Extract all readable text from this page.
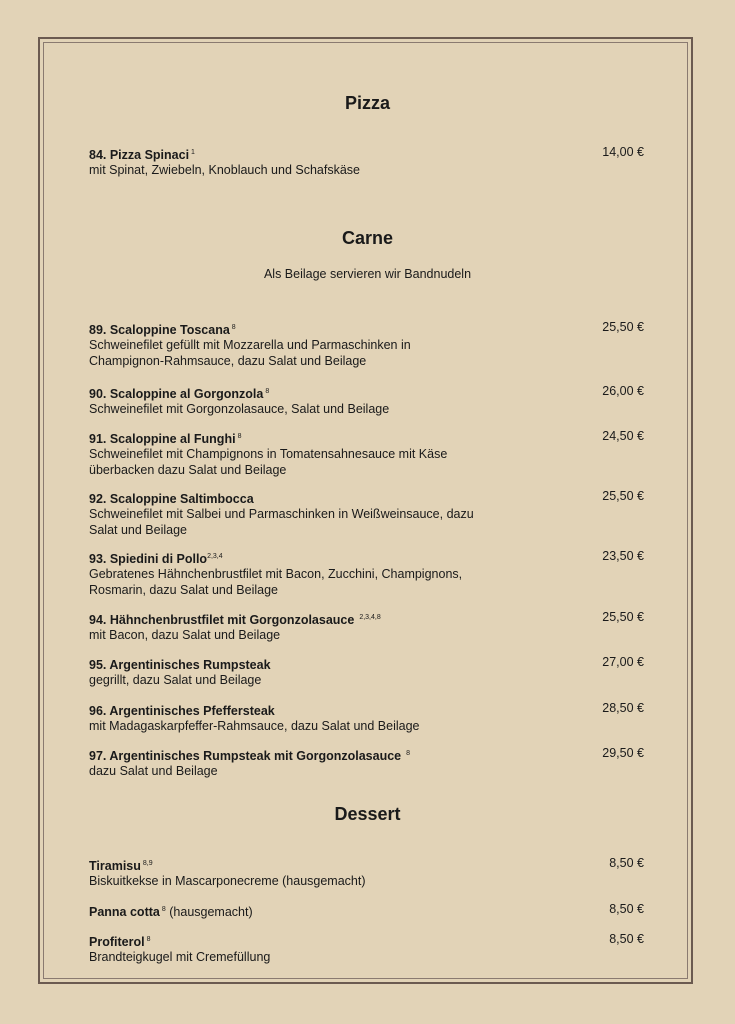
Pizza
84. Pizza Spinaci $^1$
mit Spinat, Zwiebeln, Knoblauch und Schafskäse
14,00 €
Carne
Als Beilage servieren wir Bandnudeln
89. Scaloppine Toscana $^8$
Schweinefilet gefüllt mit Mozzarella und Parmaschinken in Champignon-Rahmsauce, dazu Salat und Beilage
25,50 €
90. Scaloppine al Gorgonzola $^8$
Schweinefilet mit Gorgonzolasauce, Salat und Beilage
26,00 €
91. Scaloppine al Funghi $^8$
Schweinefilet mit Champignons in Tomatensahnesauce mit Käse überbacken dazu Salat und Beilage
24,50 €
92. Scaloppine Saltimbocca
Schweinefilet mit Salbei und Parmaschinken in Weißweinsauce, dazu Salat und Beilage
25,50 €
93. Spiedini di Pollo$^{2,3,4}$
Gebratenes Hähnchenbrustfilet mit Bacon, Zucchini, Champignons, Rosmarin, dazu Salat und Beilage
23,50 €
94. Hähnchenbrustfilet mit Gorgonzolasauce $^{2,3,4,8}$
mit Bacon, dazu Salat und Beilage
25,50 €
95. Argentinisches Rumpsteak
gegrillt, dazu Salat und Beilage
27,00 €
96. Argentinisches Pfeffersteak
mit Madagaskarpfeffer-Rahmsauce, dazu Salat und Beilage
28,50 €
97. Argentinisches Rumpsteak mit Gorgonzolasauce $^8$
dazu Salat und Beilage
29,50 €
Dessert
Tiramisu $^{8,9}$
Biskuitkekse in Mascarponecreme (hausgemacht)
8,50 €
Panna cotta $^8$ (hausgemacht)	8,50 €
Profiterol $^8$
Brandteigkugel mit Cremefüllung
8,50 €
